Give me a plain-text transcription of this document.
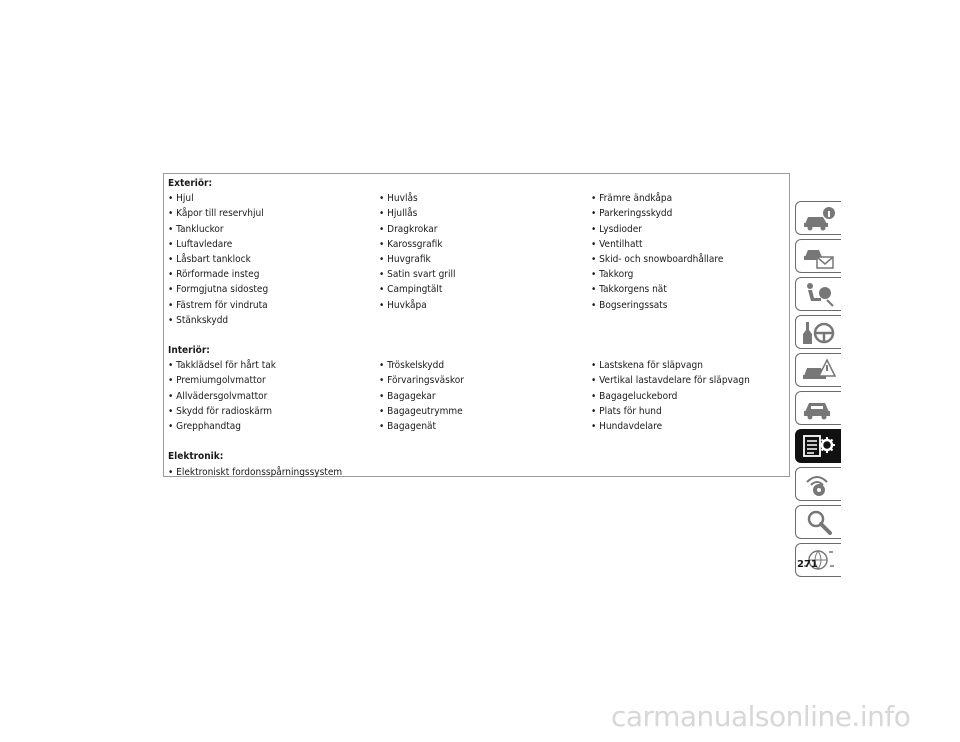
Exteriör:
• Hjul	• Huvlås	• Främre ändkåpa
• Kåpor till reservhjul	• Hjullås	• Parkeringsskydd
• Tankluckor	• Dragkrokar	• Lysdioder
• Luftavledare	• Karossgrafik	• Ventilhatt
• Låsbart tanklock	• Huvgrafik	• Skid- och snowboardhållare
• Rörformade insteg	• Satin svart grill	• Takkorg
• Formgjutna sidosteg	• Campingtält	• Takkorgens nät
• Fästrem för vindruta	• Huvkåpa	• Bogseringssats
• Stänkskydd
Interiör:
• Takklädsel för hårt tak	• Tröskelskydd	• Lastskena för släpvagn
• Premiumgolvmattor	• Förvaringsväskor	• Vertikal lastavdelare för släpvagn
• Allvädersgolvmattor	• Bagagekar	• Bagageluckebord
• Skydd för radioskärm	• Bagageutrymme	• Plats för hund
• Grepphandtag	• Bagagenät	• Hundavdelare
Elektronik:
• Elektroniskt fordonsspårningssystem
271
carmanualsonline.info
